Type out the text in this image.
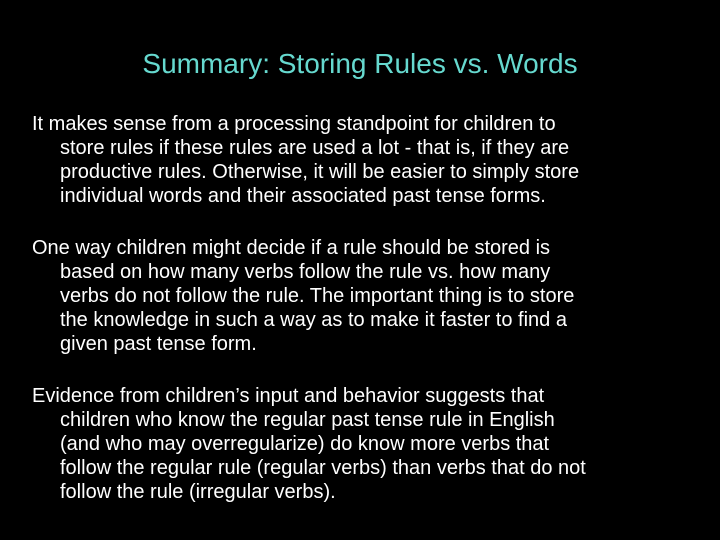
Summary: Storing Rules vs. Words

It makes sense from a processing standpoint for children to
store rules if these rules are used a lot - that is, if they are
productive rules. Otherwise, it will be easier to simply store
individual words and their associated past tense forms.

One way children might decide if a rule should be stored is
based on how many verbs follow the rule vs. how many
verbs do not follow the rule. The important thing is to store
the knowledge in such a way as to make it faster to find a
given past tense form.

Evidence from children’s input and behavior suggests that
children who know the regular past tense rule in English
(and who may overregularize) do know more verbs that
follow the regular rule (regular verbs) than verbs that do not
follow the rule (irregular verbs).
